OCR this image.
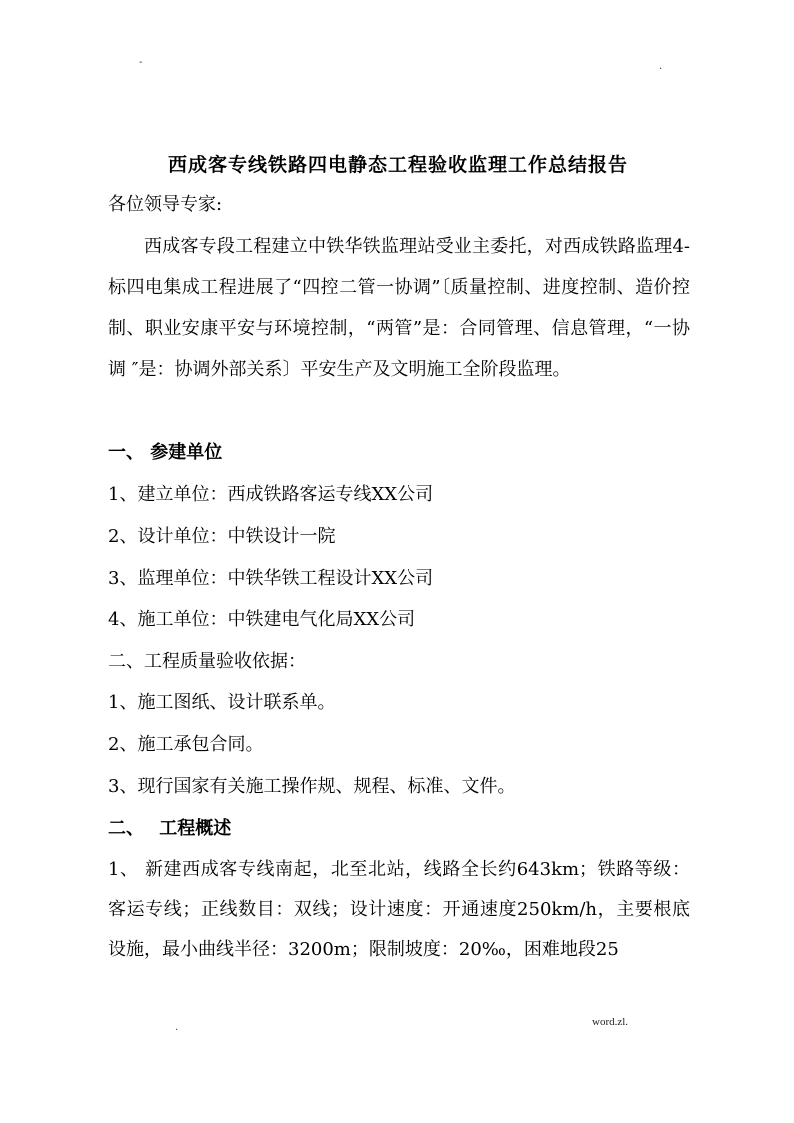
-	.
西成客专线铁路四电静态工程验收监理工作总结报告
各位领导专家:
西成客专段工程建立中铁华铁监理站受业主委托，对西成铁路监理4-标四电集成工程进展了“四控二管一协调”〔质量控制、进度控制、造价控制、职业安康平安与环境控制，“两管”是：合同管理、信息管理，“一协调 ″是：协调外部关系〕平安生产及文明施工全阶段监理。
一、 参建单位
1、建立单位：西成铁路客运专线XX公司
2、设计单位：中铁设计一院
3、监理单位：中铁华铁工程设计XX公司
4、施工单位：中铁建电气化局XX公司
二、工程质量验收依据：
1、施工图纸、设计联系单。
2、施工承包合同。
3、现行国家有关施工操作规、规程、标准、文件。
二、　 工程概述
1、 新建西成客专线南起，北至北站，线路全长约643km；铁路等级：客运专线；正线数目：双线；设计速度：开通速度250km/h，主要根底设施，最小曲线半径：3200m；限制坡度：20‰，困难地段25
.	word.zl.
